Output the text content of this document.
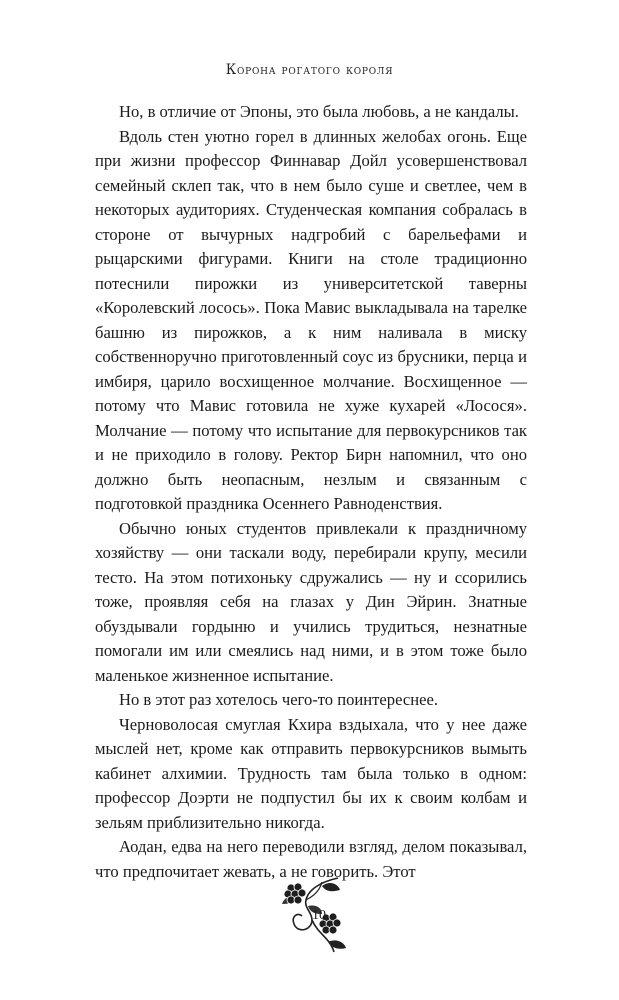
Корона рогатого короля

Но, в отличие от Эпоны, это была любовь, а не кандалы.

Вдоль стен уютно горел в длинных желобах огонь. Еще при жизни профессор Финнавар Дойл усовершенствовал семейный склеп так, что в нем было суше и светлее, чем в некоторых аудиториях. Студенческая компания собралась в стороне от вычурных надгробий с барельефами и рыцарскими фигурами. Книги на столе традиционно потеснили пирожки из университетской таверны «Королевский лосось». Пока Мавис выкладывала на тарелке башню из пирожков, а к ним наливала в миску собственноручно приготовленный соус из брусники, перца и имбиря, царило восхищенное молчание. Восхищенное — потому что Мавис готовила не хуже кухарей «Лосося». Молчание — потому что испытание для первокурсников так и не приходило в голову. Ректор Бирн напомнил, что оно должно быть неопасным, незлым и связанным с подготовкой праздника Осеннего Равноденствия.

Обычно юных студентов привлекали к праздничному хозяйству — они таскали воду, перебирали крупу, месили тесто. На этом потихоньку сдружались — ну и ссорились тоже, проявляя себя на глазах у Дин Эйрин. Знатные обуздывали гордыню и учились трудиться, незнатные помогали им или смеялись над ними, и в этом тоже было маленькое жизненное испытание.

Но в этот раз хотелось чего-то поинтереснее.

Черноволосая смуглая Кхира вздыхала, что у нее даже мыслей нет, кроме как отправить первокурсников вымыть кабинет алхимии. Трудность там была только в одном: профессор Доэрти не подпустил бы их к своим колбам и зельям приблизительно никогда.

Аодан, едва на него переводили взгляд, делом показывал, что предпочитает жевать, а не говорить. Этот

10
